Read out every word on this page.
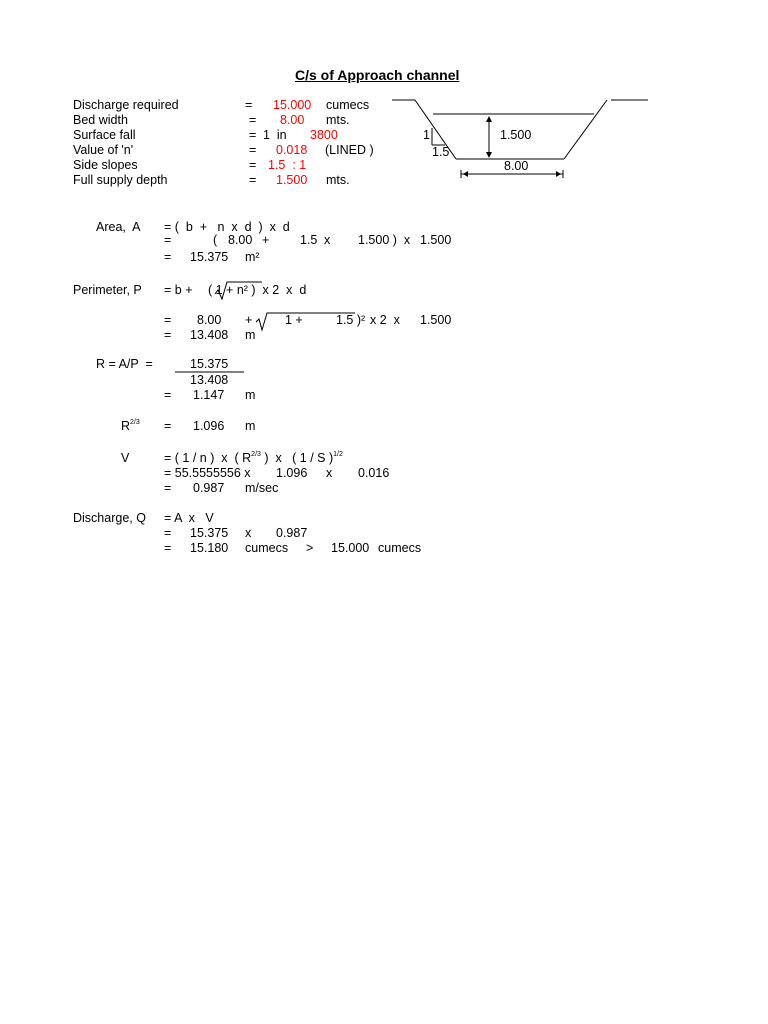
C/s of Approach channel
Discharge required	= 15.000 cumecs
Bed width	= 8.00 mts.
Surface fall	= 1  in 3800
Value of 'n'	= 0.018 (LINED )
Side slopes	= 1.5  : 1
Full supply depth	= 1.500 mts.
1
1.5
1.500
8.00
Area,  A = (  b  +   n  x  d  )  x  d
=	( 8.00 + 1.5 x 1.500 )  x 1.500
= 15.375 m²
Perimeter, P = b + ( 1 + n² )  x 2  x  d
= 8.00 +	1 +	1.5 )² x 2  x 1.500
= 13.408 m
R = A/P  =	15.375
13.408
= 1.147 m
$R^{2/3} = 1.096$ m
V	= ( 1 / n )  x  ( $R^{2/3}$ )  x   ( 1 / S )$^{1/2}$
= 55.5555556 x 1.096 x 0.016
= 0.987 m/sec
Discharge, Q = A  x   V
= 15.375 x 0.987
= 15.180 cumecs > 15.000 cumecs
